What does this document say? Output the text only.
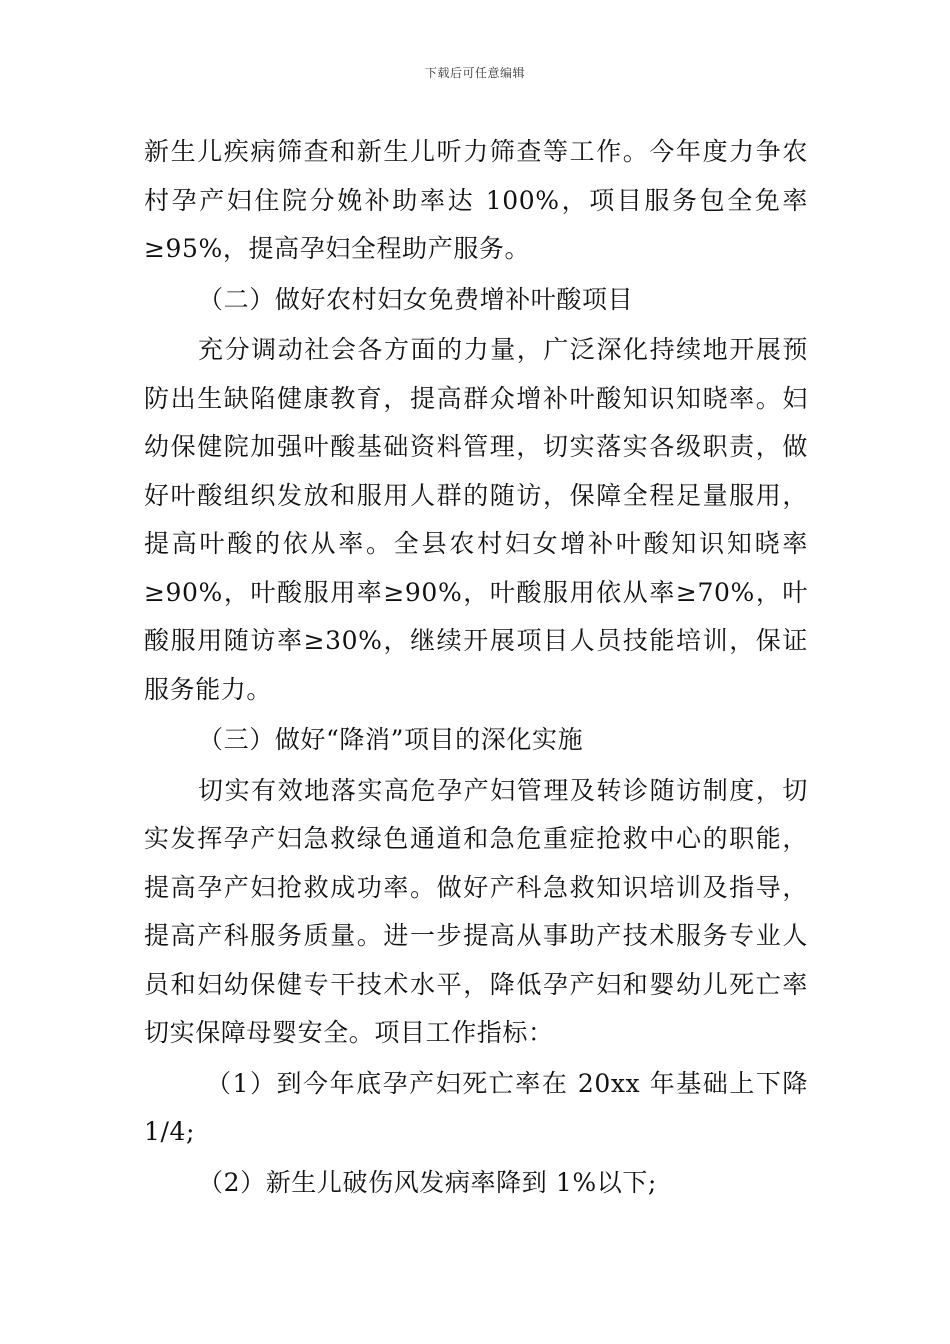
下载后可任意编辑

新生儿疾病筛查和新生儿听力筛查等工作。今年度力争农村孕产妇住院分娩补助率达 100%，项目服务包全免率≥95%，提高孕妇全程助产服务。

（二）做好农村妇女免费增补叶酸项目

充分调动社会各方面的力量，广泛深化持续地开展预防出生缺陷健康教育，提高群众增补叶酸知识知晓率。妇幼保健院加强叶酸基础资料管理，切实落实各级职责，做好叶酸组织发放和服用人群的随访，保障全程足量服用，提高叶酸的依从率。全县农村妇女增补叶酸知识知晓率≥90%，叶酸服用率≥90%，叶酸服用依从率≥70%，叶酸服用随访率≥30%，继续开展项目人员技能培训，保证服务能力。

（三）做好“降消”项目的深化实施

切实有效地落实高危孕产妇管理及转诊随访制度，切实发挥孕产妇急救绿色通道和急危重症抢救中心的职能，提高孕产妇抢救成功率。做好产科急救知识培训及指导，提高产科服务质量。进一步提高从事助产技术服务专业人员和妇幼保健专干技术水平，降低孕产妇和婴幼儿死亡率切实保障母婴安全。项目工作指标：

（1）到今年底孕产妇死亡率在 20xx 年基础上下降 1/4;

（2）新生儿破伤风发病率降到 1%以下;
